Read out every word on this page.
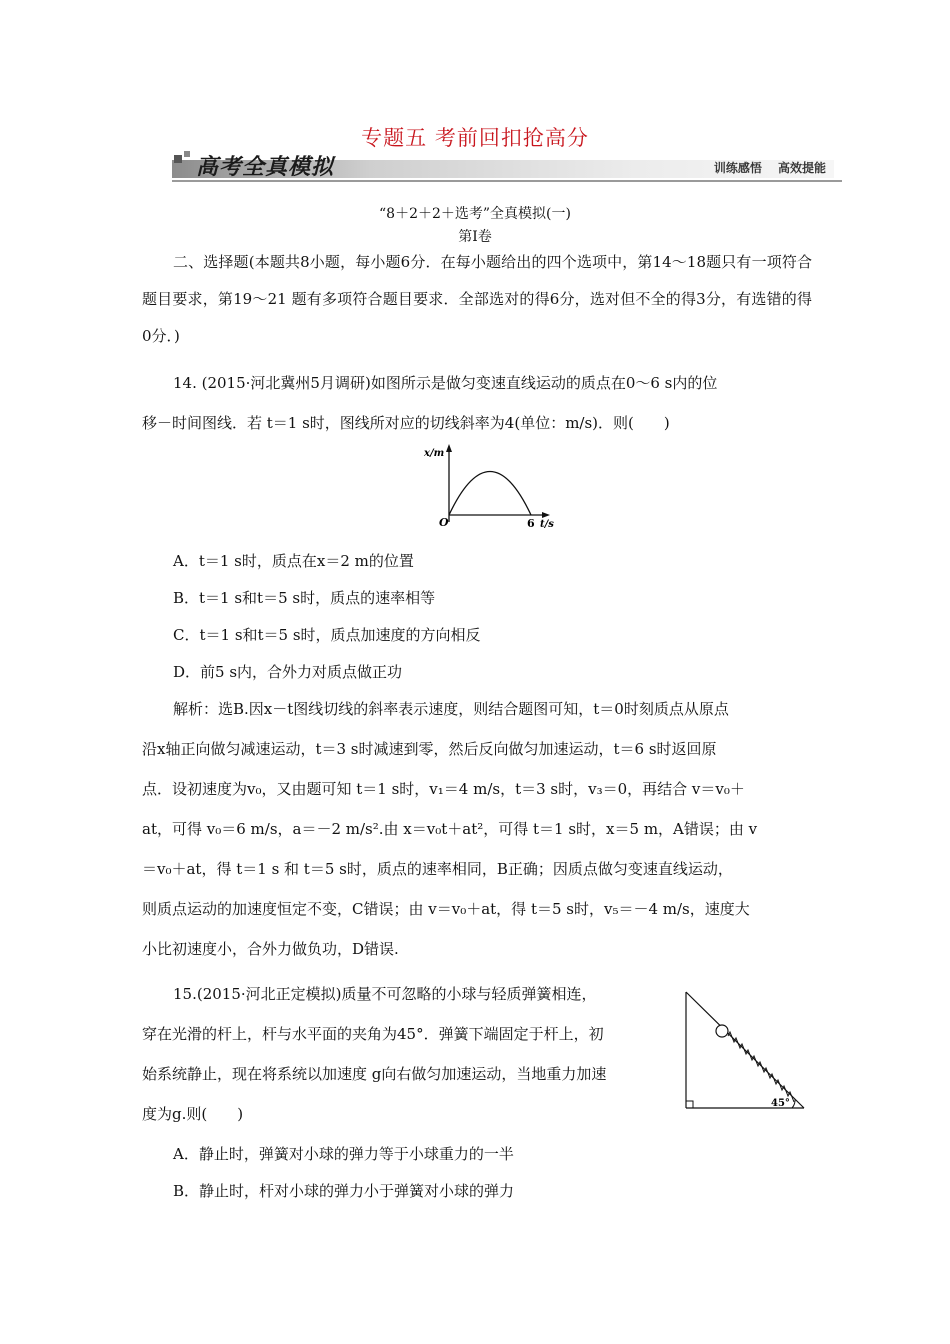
专题五 考前回扣抢高分
高考全真模拟	训练感悟 高效提能
“8＋2＋2＋选考”全真模拟(一)
第Ⅰ卷
二、选择题(本题共8小题，每小题6分．在每小题给出的四个选项中，第14～18题只有一项符合题目要求，第19～21 题有多项符合题目要求．全部选对的得6分，选对但不全的得3分，有选错的得0分．)
14. (2015·河北冀州5月调研)如图所示是做匀变速直线运动的质点在0～6 s内的位
移－时间图线．若 t＝1 s时，图线所对应的切线斜率为4(单位：m/s)．则(　　)
x/m
O	6 t/s
A．t＝1 s时，质点在x＝2 m的位置
B．t＝1 s和t＝5 s时，质点的速率相等
C．t＝1 s和t＝5 s时，质点加速度的方向相反
D．前5 s内，合外力对质点做正功
解析：选B.因x－t图线切线的斜率表示速度，则结合题图可知，t＝0时刻质点从原点
沿x轴正向做匀减速运动，t＝3 s时减速到零，然后反向做匀加速运动，t＝6 s时返回原
点．设初速度为v₀，又由题可知 t＝1 s时，v₁＝4 m/s，t＝3 s时，v₃＝0，再结合 v＝v₀＋
at，可得 v₀＝6 m/s，a＝－2 m/s².由 x＝v₀t＋at²，可得 t＝1 s时，x＝5 m，A错误；由 v
＝v₀＋at，得 t＝1 s 和 t＝5 s时，质点的速率相同，B正确；因质点做匀变速直线运动，
则质点运动的加速度恒定不变，C错误；由 v＝v₀＋at，得 t＝5 s时，v₅＝－4 m/s，速度大
小比初速度小，合外力做负功，D错误.
15.(2015·河北正定模拟)质量不可忽略的小球与轻质弹簧相连，
穿在光滑的杆上，杆与水平面的夹角为45°．弹簧下端固定于杆上，初
始系统静止，现在将系统以加速度 g向右做匀加速运动，当地重力加速
度为g.则(　　)
45°
A．静止时，弹簧对小球的弹力等于小球重力的一半
B．静止时，杆对小球的弹力小于弹簧对小球的弹力
